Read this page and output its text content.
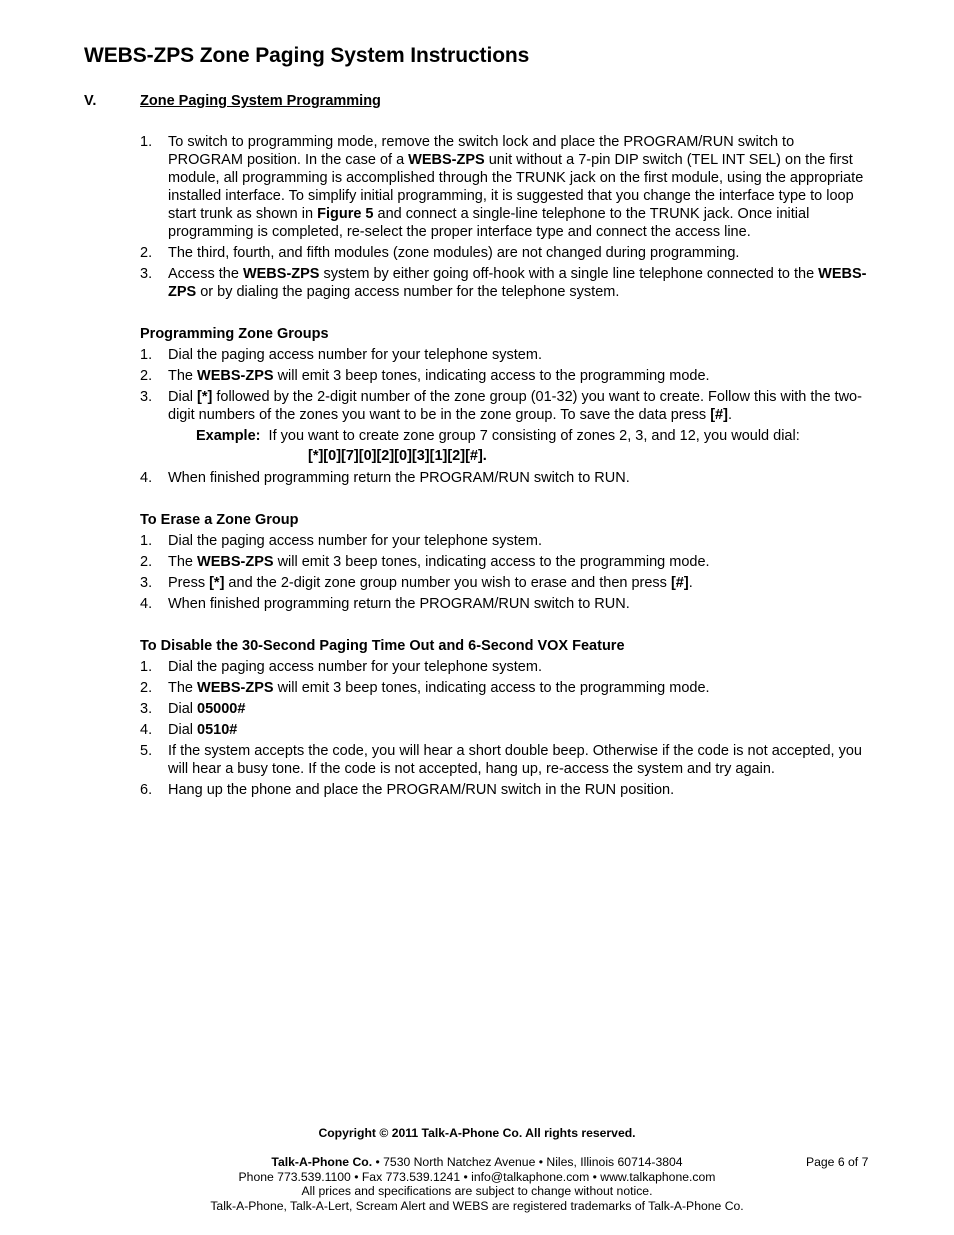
WEBS-ZPS Zone Paging System Instructions
V.	Zone Paging System Programming
1. To switch to programming mode, remove the switch lock and place the PROGRAM/RUN switch to PROGRAM position. In the case of a WEBS-ZPS unit without a 7-pin DIP switch (TEL INT SEL) on the first module, all programming is accomplished through the TRUNK jack on the first module, using the appropriate installed interface. To simplify initial programming, it is suggested that you change the interface type to loop start trunk as shown in Figure 5 and connect a single-line telephone to the TRUNK jack. Once initial programming is completed, re-select the proper interface type and connect the access line.
2. The third, fourth, and fifth modules (zone modules) are not changed during programming.
3. Access the WEBS-ZPS system by either going off-hook with a single line telephone connected to the WEBS-ZPS or by dialing the paging access number for the telephone system.
Programming Zone Groups
1. Dial the paging access number for your telephone system.
2. The WEBS-ZPS will emit 3 beep tones, indicating access to the programming mode.
3. Dial [*] followed by the 2-digit number of the zone group (01-32) you want to create. Follow this with the two-digit numbers of the zones you want to be in the zone group. To save the data press [#].
Example:  If you want to create zone group 7 consisting of zones 2, 3, and 12, you would dial:
[*][0][7][0][2][0][3][1][2][#].
4. When finished programming return the PROGRAM/RUN switch to RUN.
To Erase a Zone Group
1. Dial the paging access number for your telephone system.
2. The WEBS-ZPS will emit 3 beep tones, indicating access to the programming mode.
3. Press [*] and the 2-digit zone group number you wish to erase and then press [#].
4. When finished programming return the PROGRAM/RUN switch to RUN.
To Disable the 30-Second Paging Time Out and 6-Second VOX Feature
1. Dial the paging access number for your telephone system.
2. The WEBS-ZPS will emit 3 beep tones, indicating access to the programming mode.
3. Dial 05000#
4. Dial 0510#
5. If the system accepts the code, you will hear a short double beep. Otherwise if the code is not accepted, you will hear a busy tone. If the code is not accepted, hang up, re-access the system and try again.
6. Hang up the phone and place the PROGRAM/RUN switch in the RUN position.
Copyright © 2011 Talk-A-Phone Co. All rights reserved.
Talk-A-Phone Co. • 7530 North Natchez Avenue • Niles, Illinois 60714-3804
Phone 773.539.1100 • Fax 773.539.1241 • info@talkaphone.com • www.talkaphone.com
All prices and specifications are subject to change without notice.
Talk-A-Phone, Talk-A-Lert, Scream Alert and WEBS are registered trademarks of Talk-A-Phone Co.
Page 6 of 7
